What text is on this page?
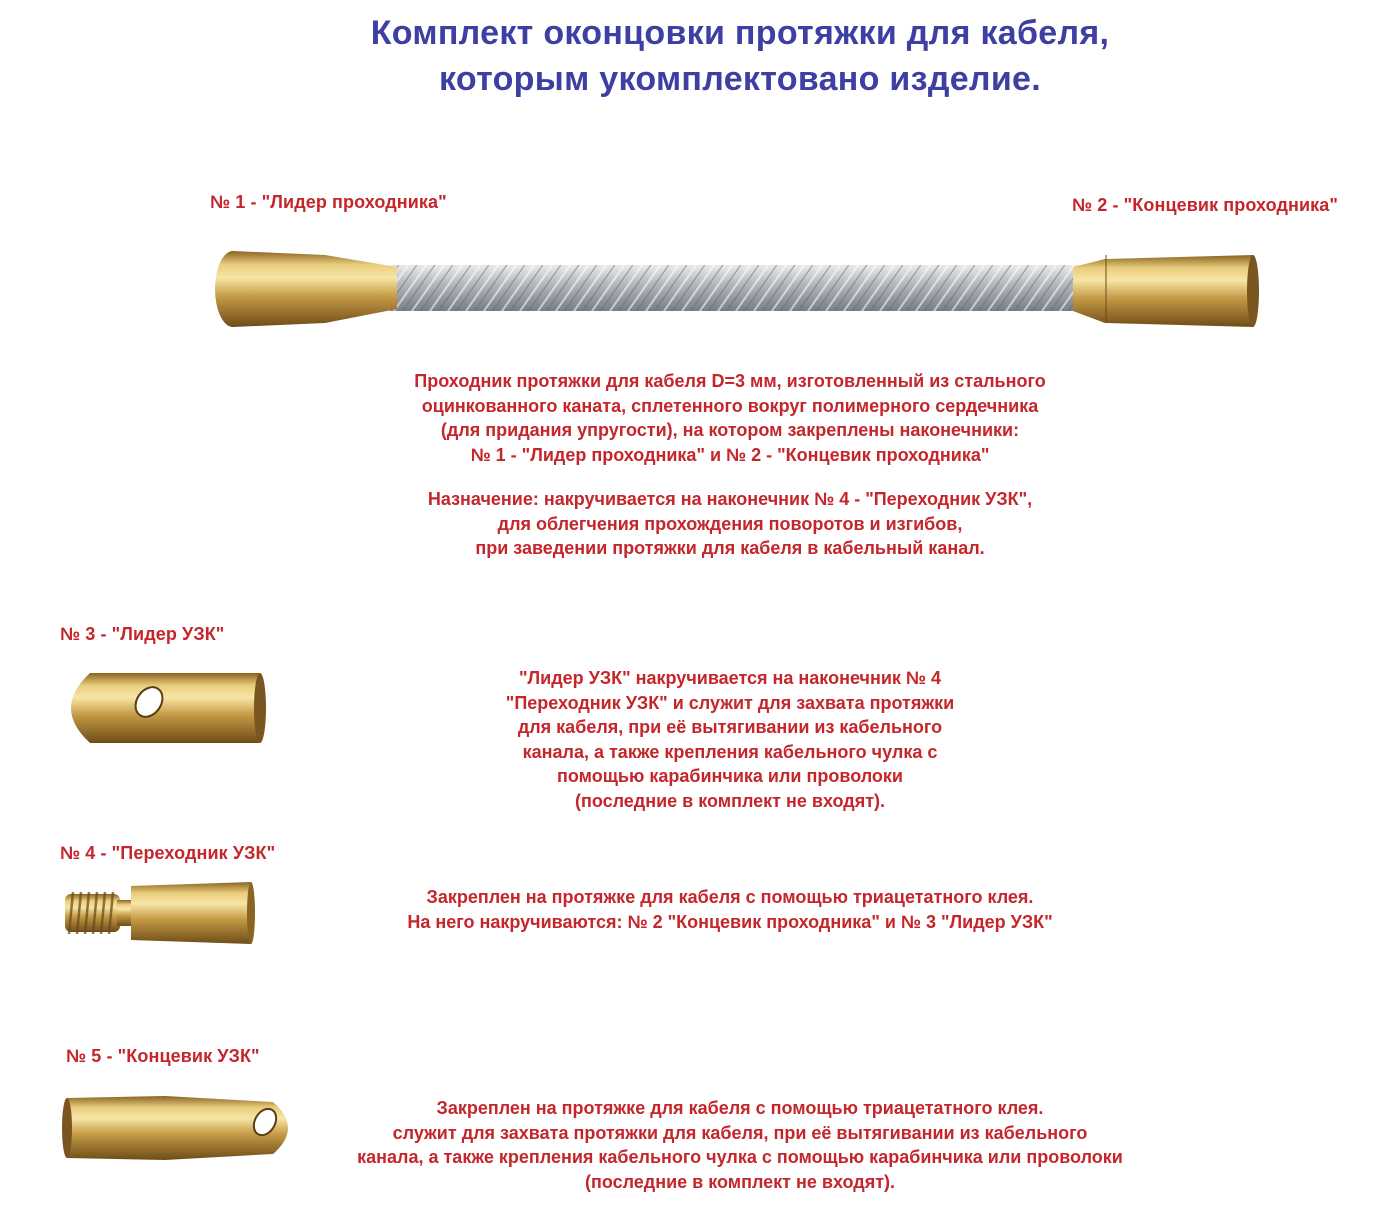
Комплект оконцовки протяжки для кабеля,
которым укомплектовано изделие.
№ 1 - "Лидер проходника"	№ 2 - "Концевик проходника"
Проходник протяжки для кабеля D=3 мм, изготовленный из стального
оцинкованного каната, сплетенного вокруг полимерного сердечника
(для придания упругости), на котором закреплены наконечники:
№ 1 - "Лидер проходника" и № 2 - "Концевик проходника"
Назначение: накручивается на наконечник № 4 - "Переходник УЗК",
для облегчения прохождения поворотов и изгибов,
при заведении протяжки для кабеля в кабельный канал.
№ 3 - "Лидер УЗК"
"Лидер УЗК" накручивается на наконечник № 4
"Переходник УЗК" и служит для захвата протяжки
для кабеля, при её вытягивании из кабельного
канала, а также крепления кабельного чулка с
помощью карабинчика или проволоки
(последние в комплект не входят).
№ 4 - "Переходник УЗК"
Закреплен на протяжке для кабеля с помощью триацетатного клея.
На него накручиваются: № 2 "Концевик проходника" и № 3 "Лидер УЗК"
№ 5 - "Концевик УЗК"
Закреплен на протяжке для кабеля с помощью триацетатного клея.
служит для захвата протяжки для кабеля, при её вытягивании из кабельного
канала, а также крепления кабельного чулка с помощью карабинчика или проволоки
(последние в комплект не входят).
